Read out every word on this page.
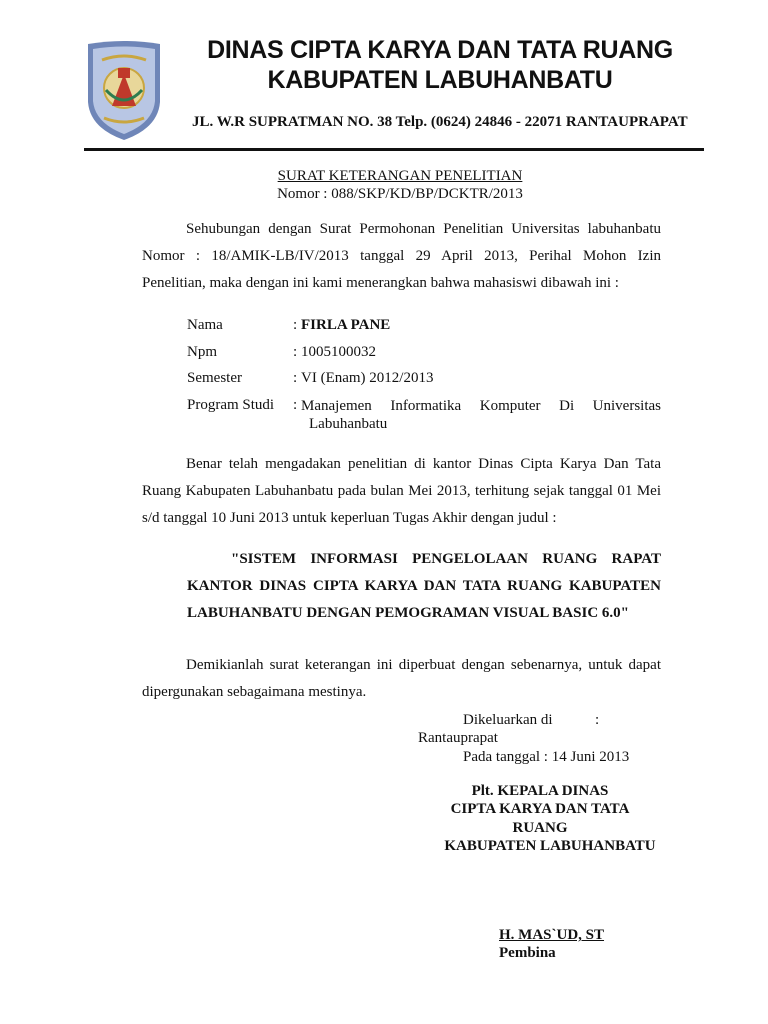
DINAS CIPTA KARYA DAN TATA RUANG
KABUPATEN LABUHANBATU
JL. W.R SUPRATMAN NO. 38 Telp. (0624) 24846 - 22071 RANTAUPRAPAT
SURAT KETERANGAN PENELITIAN
Nomor : 088/SKP/KD/BP/DCKTR/2013
Sehubungan dengan Surat Permohonan Penelitian Universitas labuhanbatu
Nomor : 18/AMIK-LB/IV/2013 tanggal 29 April 2013, Perihal Mohon Izin
Penelitian, maka dengan ini kami menerangkan bahwa mahasiswi dibawah ini :
Nama	: FIRLA PANE
Npm	: 1005100032
Semester	: VI (Enam) 2012/2013
Program Studi	: Manajemen Informatika Komputer Di Universitas
Labuhanbatu
Benar telah mengadakan penelitian di kantor Dinas Cipta Karya Dan Tata
Ruang Kabupaten Labuhanbatu pada bulan Mei 2013, terhitung sejak tanggal 01 Mei
s/d tanggal 10 Juni 2013 untuk keperluan Tugas Akhir dengan judul :
"SISTEM INFORMASI PENGELOLAAN RUANG RAPAT
KANTOR DINAS CIPTA KARYA DAN TATA RUANG KABUPATEN
LABUHANBATU DENGAN PEMOGRAMAN VISUAL BASIC 6.0"
Demikianlah surat keterangan ini diperbuat dengan sebenarnya, untuk dapat
dipergunakan sebagaimana mestinya.
Dikeluarkan di	:
Rantauprapat
Pada tanggal : 14 Juni 2013
Plt. KEPALA DINAS
CIPTA KARYA DAN TATA
RUANG
KABUPATEN LABUHANBATU
H. MAS`UD, ST
Pembina
